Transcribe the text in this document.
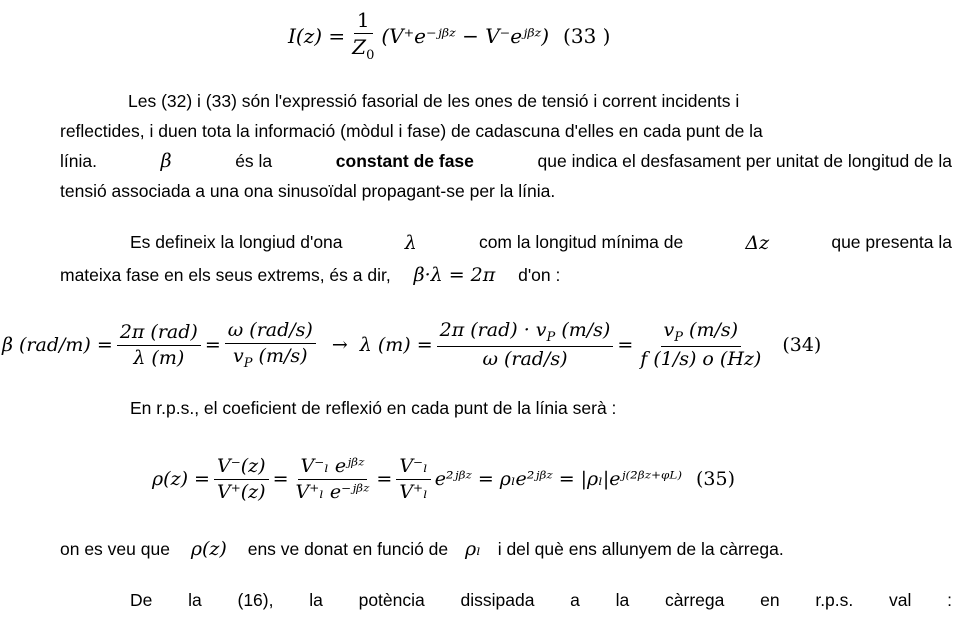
$I(z) = \frac{1}{Z_0}$ (V⁺e⁻ʲᵝᶻ − V⁻eʲᵝᶻ) (33 )
Les (32) i (33) són l'expressió fasorial de les ones de tensió i corrent incidents i
reflectides, i duen tota la informació (mòdul i fase) de cadascuna d'elles en cada punt de la
línia.	β	és la	constant de fase	que indica el desfasament per unitat de longitud de la
tensió associada a una ona sinusoïdal propagant-se per la línia.
Es defineix la longiud d'ona	λ	com la longitud mínima de	Δz	que presenta la
mateixa fase en els seus extrems, és a dir, β·λ = 2π d'on :
β $(rad/m) = \frac{\text{2π (rad)}}{\lambda (m)} = \frac{\text{ω (rad/s)}}{v_P (m/s)} \to \lambda$ $(m) = \frac{2\pi (rad) \cdot v_P (m/s)}{\text{ω (rad/s)}} = \frac{v_P (m/s)}{f (1/s) o (Hz)} (34)$
En r.p.s., el coeficient de reflexió en cada punt de la línia serà :
$\rho(z) = \frac{V^-(z)}{V^+(z)} = \frac{\text{V⁻ₗ eʲᵝᶻ}}{\text{V⁺ₗ e⁻ʲᵝᶻ}} = \frac{\text{V⁻ₗ}}{\text{V⁺ₗ}}$ e²ʲᵝᶻ = ρₗe²ʲᵝᶻ = |ρₗ|eʲ⁽²ᵝᶻ⁺ᵠᴸ⁾ (35)
on es veu que ρ(z) ens ve donat en funció de ρₗ i del què ens allunyem de la càrrega.
De la (16), la potència dissipada a la càrrega en r.p.s. val :
